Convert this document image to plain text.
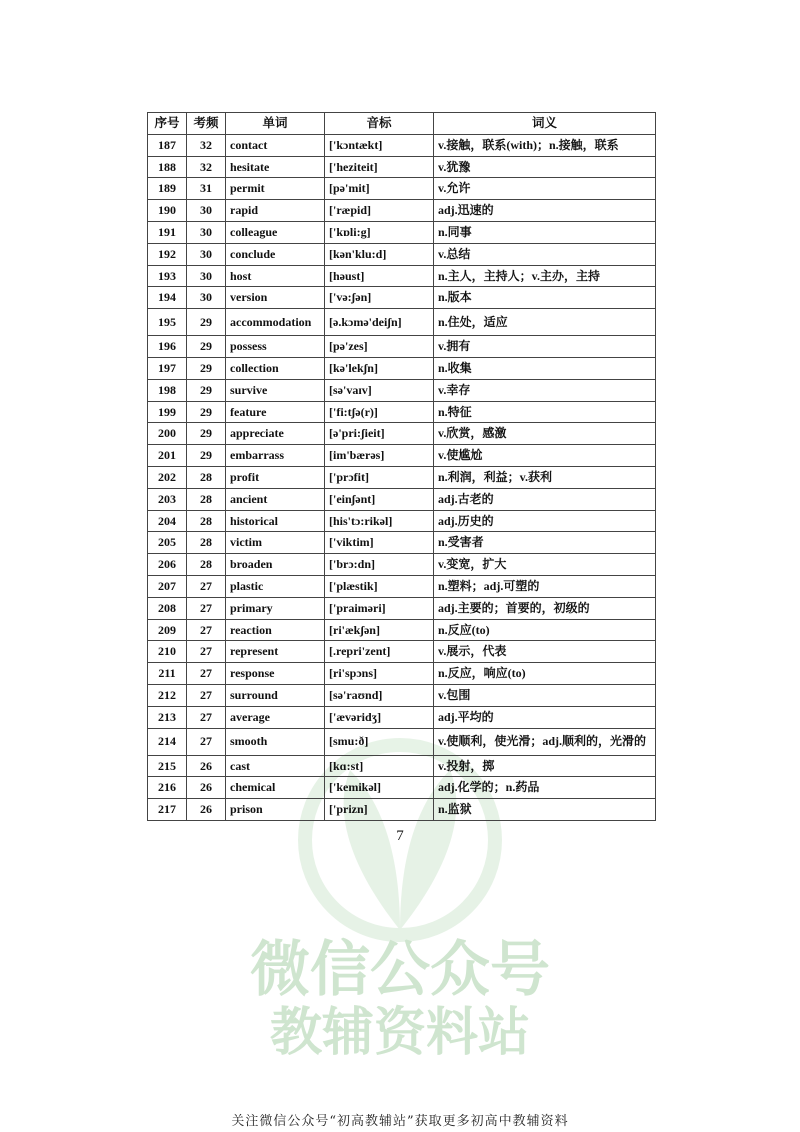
微信公众号
教辅资料站
序号	考频	单词	音标	词义
187	32	contact	['kɔntækt]	v.接触，联系(with)；n.接触，联系
188	32	hesitate	['heziteit]	v.犹豫
189	31	permit	[pə'mit]	v.允许
190	30	rapid	['ræpid]	adj.迅速的
191	30	colleague	['kɒli:g]	n.同事
192	30	conclude	[kən'klu:d]	v.总结
193	30	host	[həust]	n.主人，主持人；v.主办，主持
194	30	version	['və:ʃən]	n.版本
195	29	accommodation	[ə.kɔmə'deiʃn]	n.住处，适应
196	29	possess	[pə'zes]	v.拥有
197	29	collection	[kə'lekʃn]	n.收集
198	29	survive	[sə'vaɪv]	v.幸存
199	29	feature	['fi:tʃə(r)]	n.特征
200	29	appreciate	[ə'pri:ʃieit]	v.欣赏，感激
201	29	embarrass	[im'bærəs]	v.使尴尬
202	28	profit	['prɔfit]	n.利润，利益；v.获利
203	28	ancient	['einʃənt]	adj.古老的
204	28	historical	[his'tɔ:rikəl]	adj.历史的
205	28	victim	['viktim]	n.受害者
206	28	broaden	['brɔ:dn]	v.变宽，扩大
207	27	plastic	['plæstik]	n.塑料；adj.可塑的
208	27	primary	['praiməri]	adj.主要的；首要的，初级的
209	27	reaction	[ri'ækʃən]	n.反应(to)
210	27	represent	[.repri'zent]	v.展示，代表
211	27	response	[ri'spɔns]	n.反应，响应(to)
212	27	surround	[sə'raʊnd]	v.包围
213	27	average	['ævəridʒ]	adj.平均的
214	27	smooth	[smu:ð]	v.使顺利，使光滑；adj.顺利的，光滑的
215	26	cast	[kɑ:st]	v.投射，掷
216	26	chemical	['kemikəl]	adj.化学的；n.药品
217	26	prison	['prizn]	n.监狱
7
关注微信公众号“初高教辅站”获取更多初高中教辅资料
